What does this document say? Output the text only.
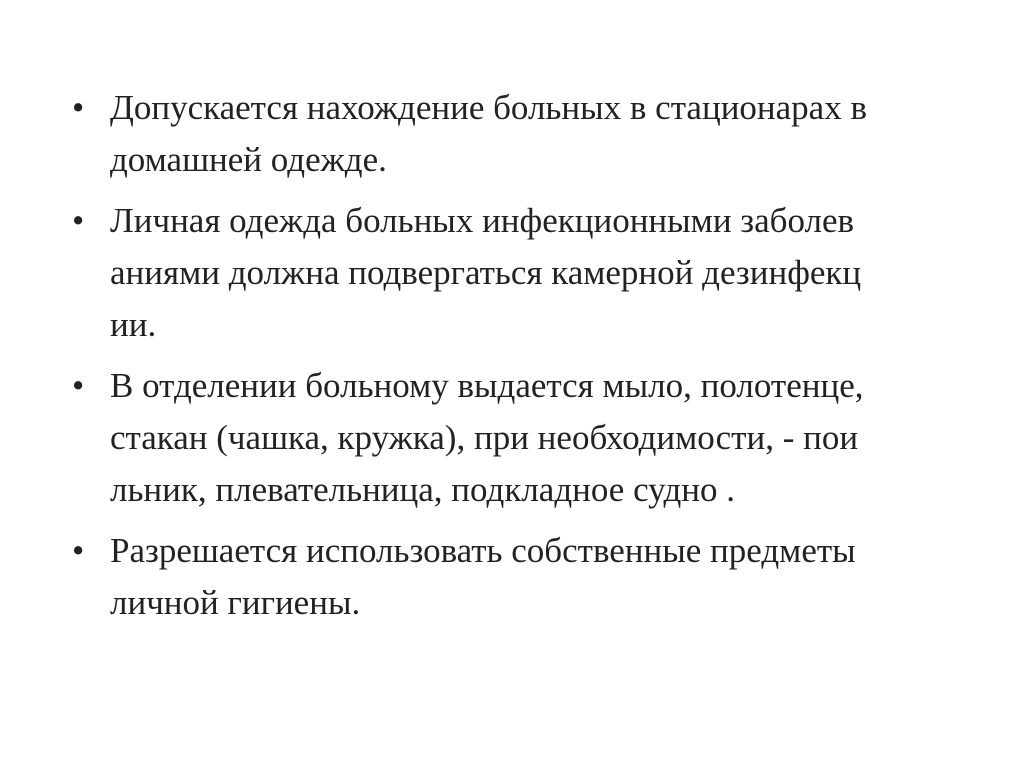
• Допускается нахождение больных в стационарах в
домашней одежде.
• Личная одежда больных инфекционными заболев
аниями должна подвергаться камерной дезинфекц
ии.
• В отделении больному выдается мыло, полотенце,
стакан (чашка, кружка), при необходимости, - пои
льник, плевательница, подкладное судно .
• Разрешается использовать собственные предметы
личной гигиены.
